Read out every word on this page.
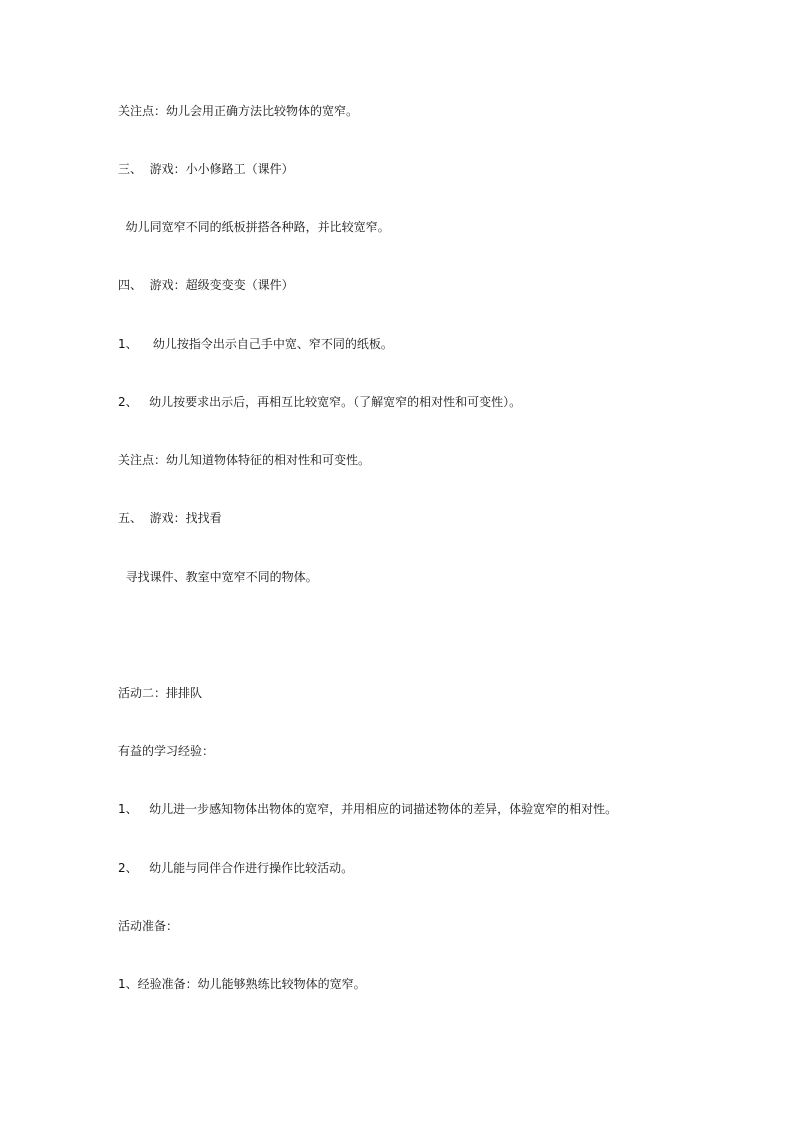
关注点：幼儿会用正确方法比较物体的宽窄。
三、  游戏：小小修路工（课件）
幼儿同宽窄不同的纸板拼搭各种路，并比较宽窄。
四、  游戏：超级变变变（课件）
1、    幼儿按指令出示自己手中宽、窄不同的纸板。
2、   幼儿按要求出示后，再相互比较宽窄。（了解宽窄的相对性和可变性）。
关注点：幼儿知道物体特征的相对性和可变性。
五、  游戏：找找看
寻找课件、教室中宽窄不同的物体。
活动二：排排队
有益的学习经验：
1、   幼儿进一步感知物体出物体的宽窄，并用相应的词描述物体的差异，体验宽窄的相对性。
2、   幼儿能与同伴合作进行操作比较活动。
活动准备：
1、经验准备：幼儿能够熟练比较物体的宽窄。
